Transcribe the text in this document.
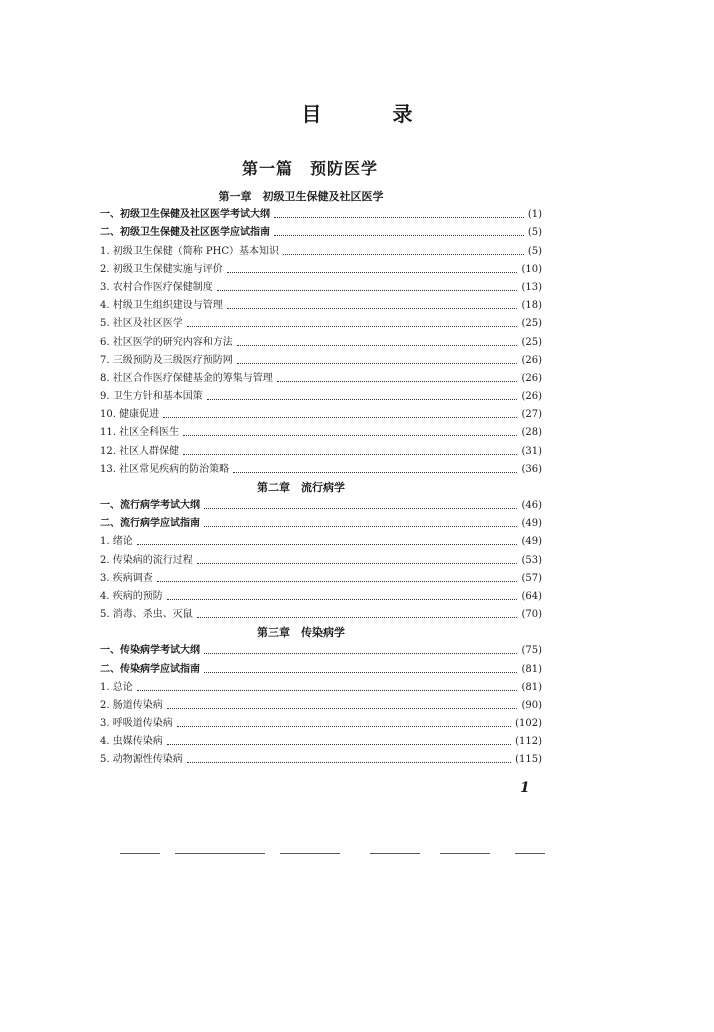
目 录
第一篇　预防医学
第一章　初级卫生保健及社区医学
一、初级卫生保健及社区医学考试大纲	(1)
二、初级卫生保健及社区医学应试指南	(5)
1. 初级卫生保健（简称 PHC）基本知识	(5)
2. 初级卫生保健实施与评价	(10)
3. 农村合作医疗保健制度	(13)
4. 村级卫生组织建设与管理	(18)
5. 社区及社区医学	(25)
6. 社区医学的研究内容和方法	(25)
7. 三级预防及三级医疗预防网	(26)
8. 社区合作医疗保健基金的筹集与管理	(26)
9. 卫生方针和基本国策	(26)
10. 健康促进	(27)
11. 社区全科医生	(28)
12. 社区人群保健	(31)
13. 社区常见疾病的防治策略	(36)
第二章　流行病学
一、流行病学考试大纲	(46)
二、流行病学应试指南	(49)
1. 绪论	(49)
2. 传染病的流行过程	(53)
3. 疾病调查	(57)
4. 疾病的预防	(64)
5. 消毒、杀虫、灭鼠	(70)
第三章　传染病学
一、传染病学考试大纲	(75)
二、传染病学应试指南	(81)
1. 总论	(81)
2. 肠道传染病	(90)
3. 呼吸道传染病	(102)
4. 虫媒传染病	(112)
5. 动物源性传染病	(115)
1
